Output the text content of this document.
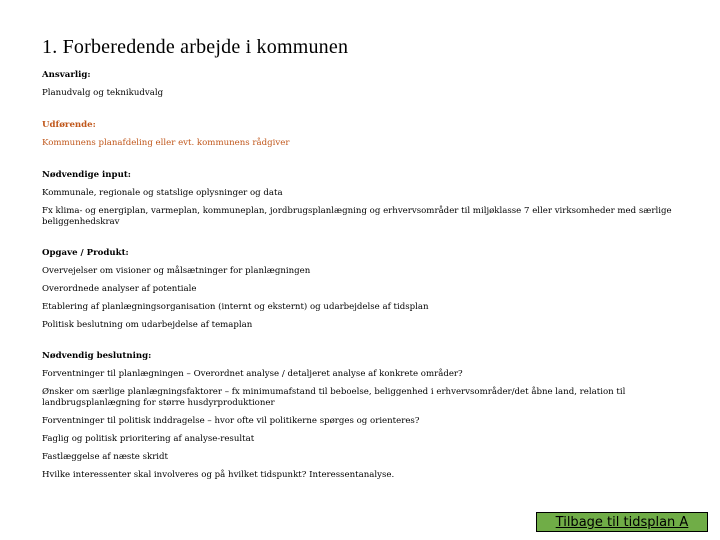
1. Forberedende arbejde i kommunen

Ansvarlig:

Planudvalg og teknikudvalg

Udførende:

Kommunens planafdeling eller evt. kommunens rådgiver

Nødvendige input:

Kommunale, regionale og statslige oplysninger og data

Fx klima- og energiplan, varmeplan, kommuneplan, jordbrugsplanlægning og erhvervsområder til miljøklasse 7 eller virksomheder med særlige beliggenhedskrav

Opgave / Produkt:

Overvejelser om visioner og målsætninger for planlægningen

Overordnede analyser af potentiale

Etablering af planlægningsorganisation (internt og eksternt) og udarbejdelse af tidsplan

Politisk beslutning om udarbejdelse af temaplan

Nødvendig beslutning:

Forventninger til planlægningen – Overordnet analyse / detaljeret analyse af konkrete områder?

Ønsker om særlige planlægningsfaktorer – fx minimumafstand til beboelse, beliggenhed i erhvervsområder/det åbne land, relation til landbrugsplanlægning for større husdyrproduktioner

Forventninger til politisk inddragelse – hvor ofte vil politikerne spørges og orienteres?

Faglig og politisk prioritering af analyse-resultat

Fastlæggelse af næste skridt

Hvilke interessenter skal involveres og på hvilket tidspunkt? Interessentanalyse.

Tilbage til tidsplan A
